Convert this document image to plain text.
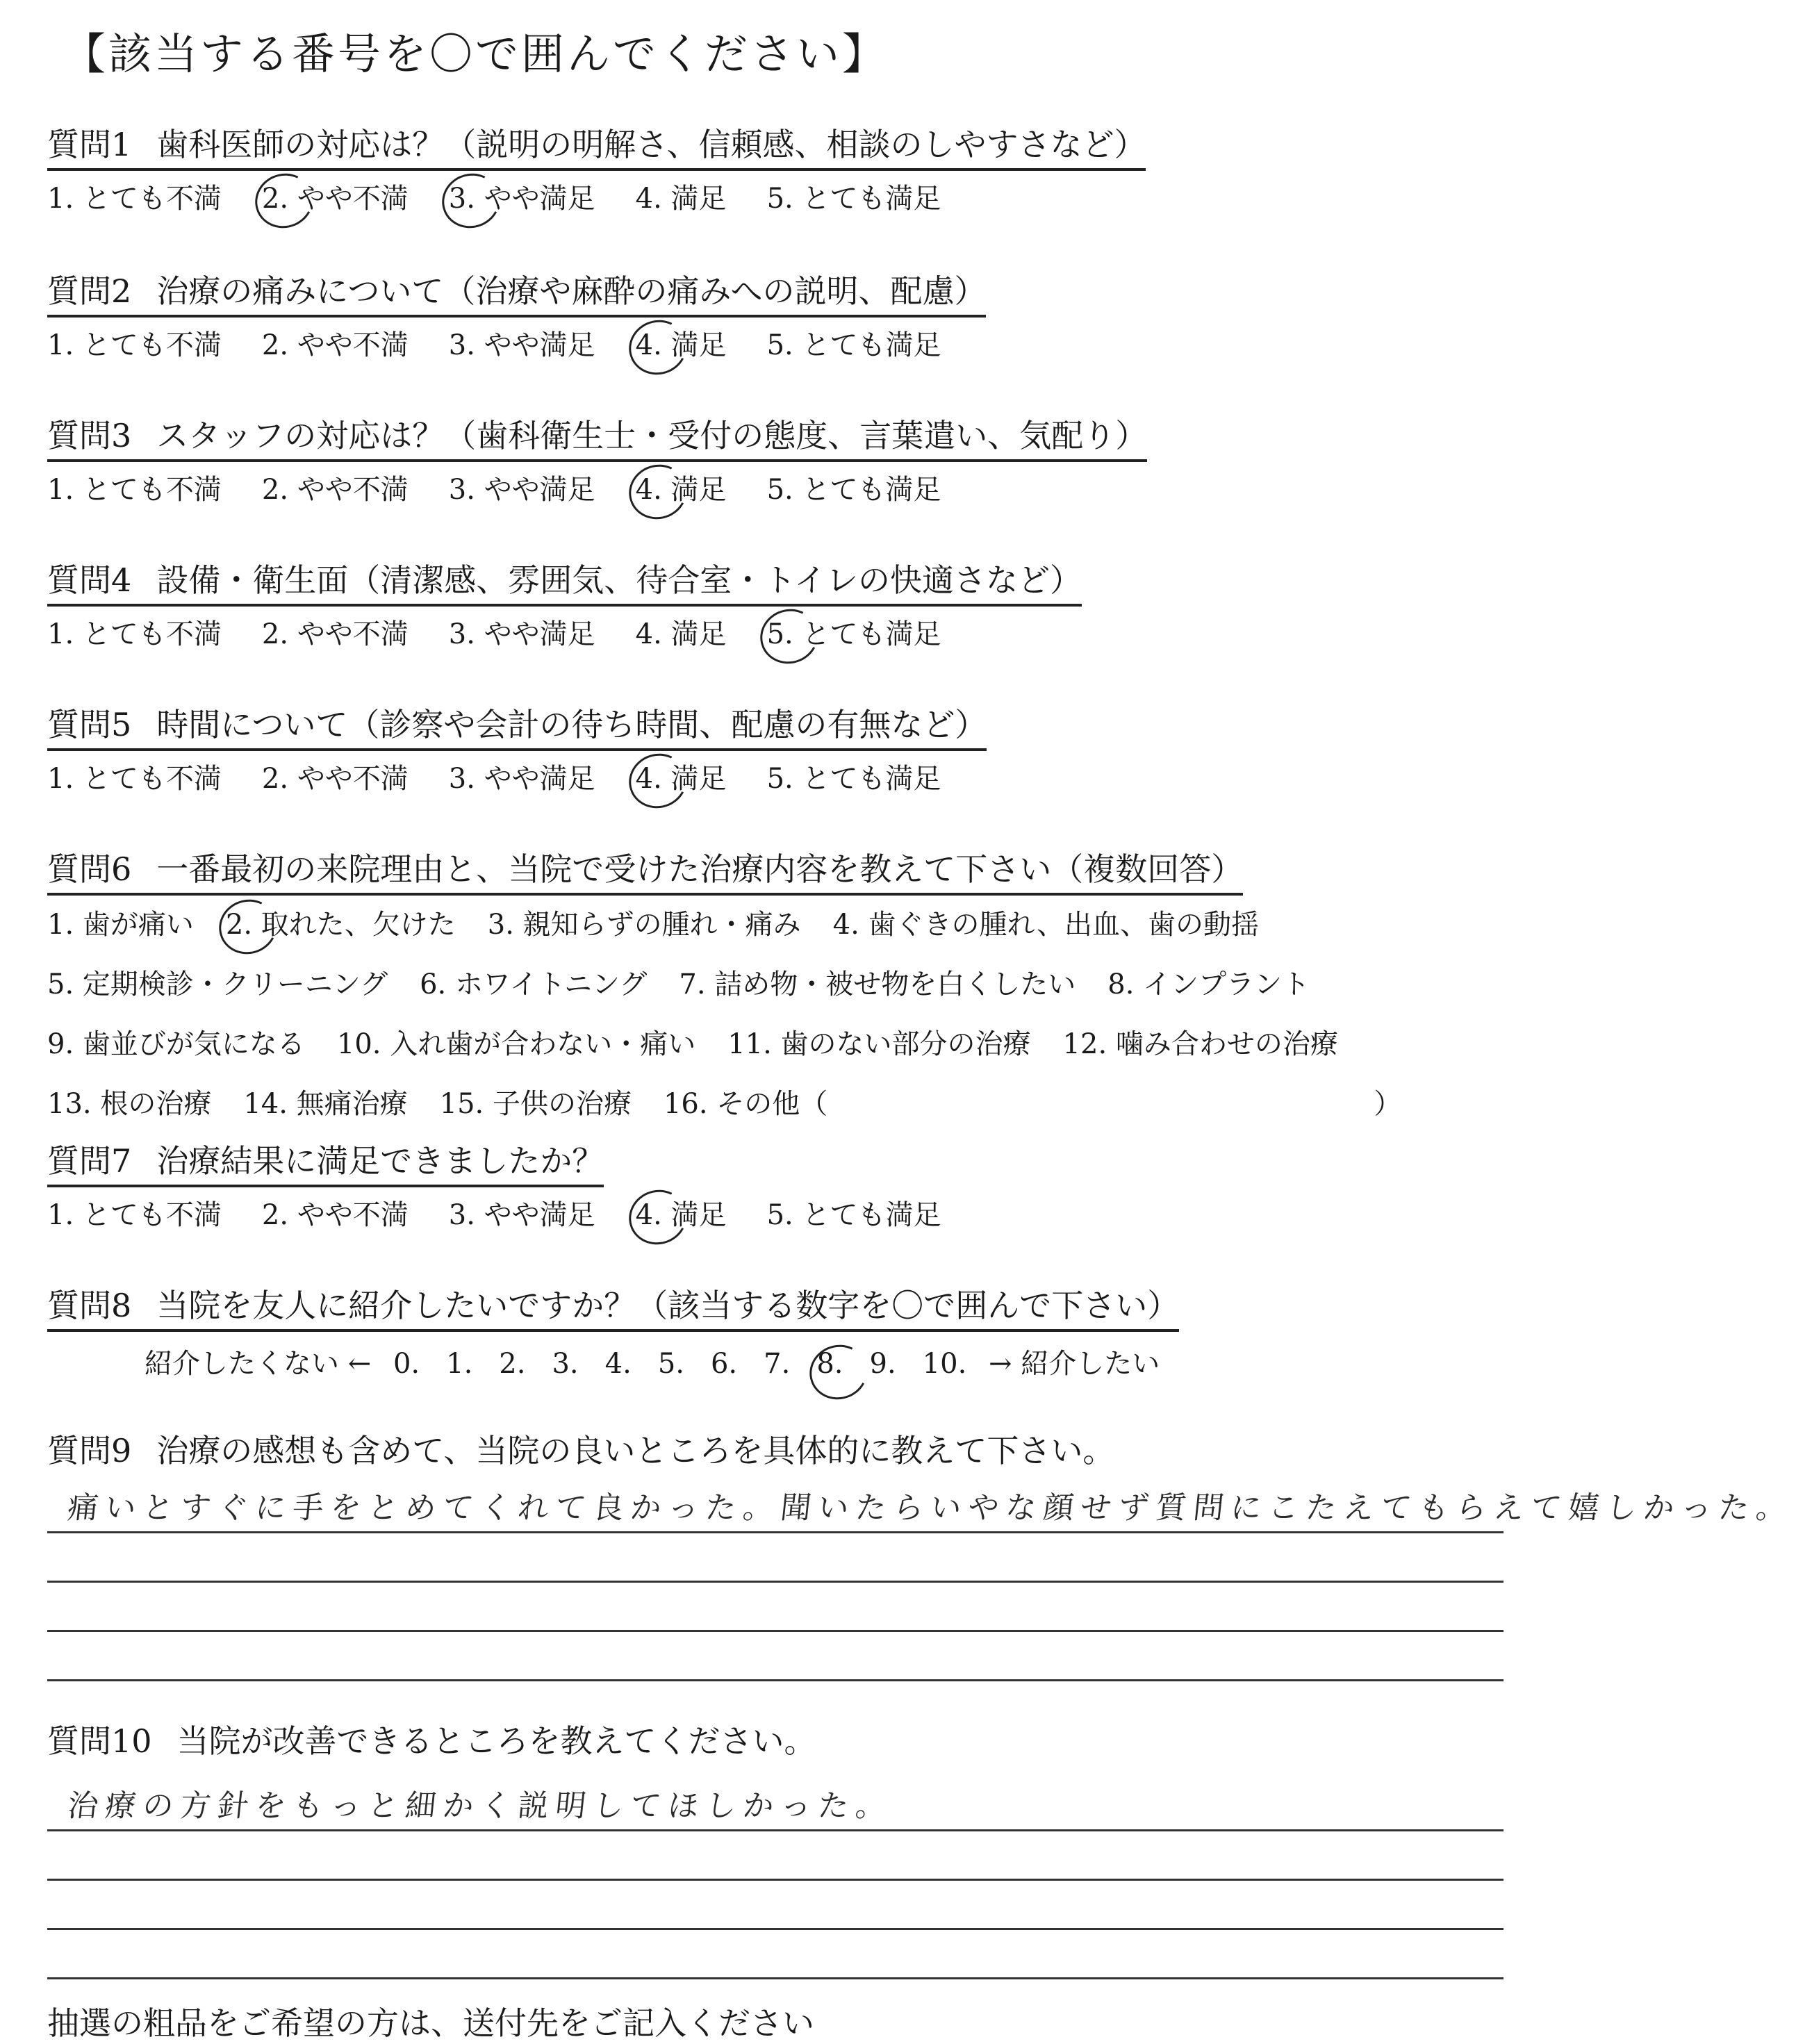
【該当する番号を〇で囲んでください】
質問1 歯科医師の対応は？（説明の明解さ、信頼感、相談のしやすさなど）
1. とても不満 2. やや不満 3. やや満足 4. 満足 5. とても満足
質問2 治療の痛みについて（治療や麻酔の痛みへの説明、配慮）
1. とても不満 2. やや不満 3. やや満足 4. 満足 5. とても満足
質問3 スタッフの対応は？（歯科衛生士・受付の態度、言葉遣い、気配り）
1. とても不満 2. やや不満 3. やや満足 4. 満足 5. とても満足
質問4 設備・衛生面（清潔感、雰囲気、待合室・トイレの快適さなど）
1. とても不満 2. やや不満 3. やや満足 4. 満足 5. とても満足
質問5 時間について（診察や会計の待ち時間、配慮の有無など）
1. とても不満 2. やや不満 3. やや満足 4. 満足 5. とても満足
質問6 一番最初の来院理由と、当院で受けた治療内容を教えて下さい（複数回答）
1. 歯が痛い 2. 取れた、欠けた 3. 親知らずの腫れ・痛み 4. 歯ぐきの腫れ、出血、歯の動揺
5. 定期検診・クリーニング 6. ホワイトニング 7. 詰め物・被せ物を白くしたい 8. インプラント
9. 歯並びが気になる 10. 入れ歯が合わない・痛い 11. 歯のない部分の治療 12. 噛み合わせの治療
13. 根の治療 14. 無痛治療 15. 子供の治療 16. その他（	）
質問7 治療結果に満足できましたか？
1. とても不満 2. やや不満 3. やや満足 4. 満足 5. とても満足
質問8 当院を友人に紹介したいですか？（該当する数字を〇で囲んで下さい）
紹介したくない ← 0. 1. 2. 3. 4. 5. 6. 7. 8. 9. 10. → 紹介したい
質問9 治療の感想も含めて、当院の良いところを具体的に教えて下さい。
痛いとすぐに手をとめてくれて良かった。聞いたらいやな顔せず質問にこたえてもらえて嬉しかった。
質問10 当院が改善できるところを教えてください。
治療の方針をもっと細かく説明してほしかった。
抽選の粗品をご希望の方は、送付先をご記入ください
